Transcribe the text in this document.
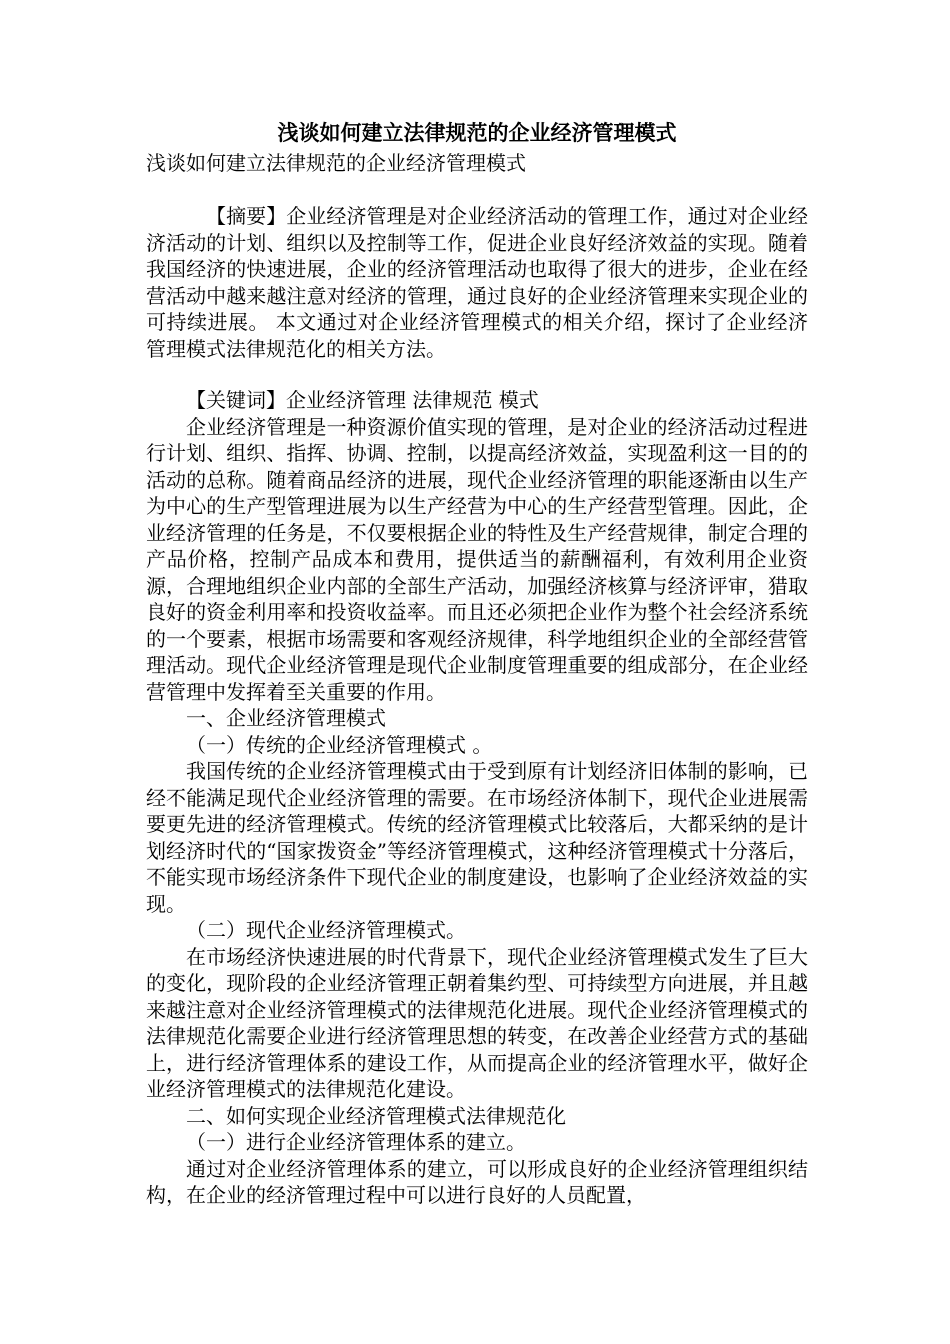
浅谈如何建立法律规范的企业经济管理模式

浅谈如何建立法律规范的企业经济管理模式

【摘要】企业经济管理是对企业经济活动的管理工作，通过对企业经济活动的计划、组织以及控制等工作，促进企业良好经济效益的实现。随着我国经济的快速进展，企业的经济管理活动也取得了很大的进步，企业在经营活动中越来越注意对经济的管理，通过良好的企业经济管理来实现企业的可持续进展。 本文通过对企业经济管理模式的相关介绍，探讨了企业经济管理模式法律规范化的相关方法。

【关键词】企业经济管理 法律规范 模式

企业经济管理是一种资源价值实现的管理，是对企业的经济活动过程进行计划、组织、指挥、协调、控制，以提高经济效益，实现盈利这一目的的活动的总称。随着商品经济的进展，现代企业经济管理的职能逐渐由以生产为中心的生产型管理进展为以生产经营为中心的生产经营型管理。因此，企业经济管理的任务是，不仅要根据企业的特性及生产经营规律，制定合理的产品价格，控制产品成本和费用，提供适当的薪酬福利，有效利用企业资源，合理地组织企业内部的全部生产活动，加强经济核算与经济评审，猎取良好的资金利用率和投资收益率。而且还必须把企业作为整个社会经济系统的一个要素，根据市场需要和客观经济规律，科学地组织企业的全部经营管理活动。现代企业经济管理是现代企业制度管理重要的组成部分，在企业经营管理中发挥着至关重要的作用。

一、企业经济管理模式

（一）传统的企业经济管理模式 。

我国传统的企业经济管理模式由于受到原有计划经济旧体制的影响，已经不能满足现代企业经济管理的需要。在市场经济体制下，现代企业进展需要更先进的经济管理模式。传统的经济管理模式比较落后，大都采纳的是计划经济时代的“国家拨资金”等经济管理模式，这种经济管理模式十分落后，不能实现市场经济条件下现代企业的制度建设，也影响了企业经济效益的实现。

（二）现代企业经济管理模式。

在市场经济快速进展的时代背景下，现代企业经济管理模式发生了巨大的变化，现阶段的企业经济管理正朝着集约型、可持续型方向进展，并且越来越注意对企业经济管理模式的法律规范化进展。现代企业经济管理模式的法律规范化需要企业进行经济管理思想的转变，在改善企业经营方式的基础上，进行经济管理体系的建设工作，从而提高企业的经济管理水平，做好企业经济管理模式的法律规范化建设。

二、如何实现企业经济管理模式法律规范化

（一）进行企业经济管理体系的建立。

通过对企业经济管理体系的建立，可以形成良好的企业经济管理组织结构，在企业的经济管理过程中可以进行良好的人员配置，
